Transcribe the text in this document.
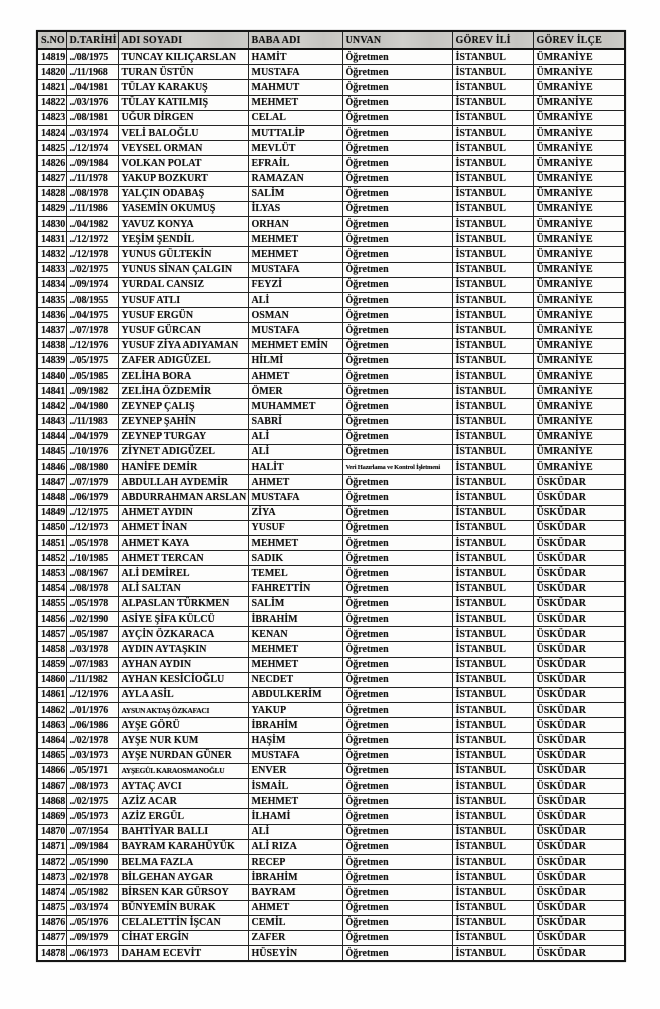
S.NO	D.TARİHİ	ADI SOYADI	BABA ADI	UNVAN	GÖREV İLİ	GÖREV İLÇE
14819	../08/1975	TUNCAY KILIÇARSLAN	HAMİT	Öğretmen	İSTANBUL	ÜMRANİYE
14820	../11/1968	TURAN ÜSTÜN	MUSTAFA	Öğretmen	İSTANBUL	ÜMRANİYE
14821	../04/1981	TÜLAY KARAKUŞ	MAHMUT	Öğretmen	İSTANBUL	ÜMRANİYE
14822	../03/1976	TÜLAY KATILMIŞ	MEHMET	Öğretmen	İSTANBUL	ÜMRANİYE
14823	../08/1981	UĞUR DİRGEN	CELAL	Öğretmen	İSTANBUL	ÜMRANİYE
14824	../03/1974	VELİ BALOĞLU	MUTTALİP	Öğretmen	İSTANBUL	ÜMRANİYE
14825	../12/1974	VEYSEL ORMAN	MEVLÜT	Öğretmen	İSTANBUL	ÜMRANİYE
14826	../09/1984	VOLKAN POLAT	EFRAİL	Öğretmen	İSTANBUL	ÜMRANİYE
14827	../11/1978	YAKUP BOZKURT	RAMAZAN	Öğretmen	İSTANBUL	ÜMRANİYE
14828	../08/1978	YALÇIN ODABAŞ	SALİM	Öğretmen	İSTANBUL	ÜMRANİYE
14829	../11/1986	YASEMİN OKUMUŞ	İLYAS	Öğretmen	İSTANBUL	ÜMRANİYE
14830	../04/1982	YAVUZ KONYA	ORHAN	Öğretmen	İSTANBUL	ÜMRANİYE
14831	../12/1972	YEŞİM ŞENDİL	MEHMET	Öğretmen	İSTANBUL	ÜMRANİYE
14832	../12/1978	YUNUS GÜLTEKİN	MEHMET	Öğretmen	İSTANBUL	ÜMRANİYE
14833	../02/1975	YUNUS SİNAN ÇALGIN	MUSTAFA	Öğretmen	İSTANBUL	ÜMRANİYE
14834	../09/1974	YURDAL CANSIZ	FEYZİ	Öğretmen	İSTANBUL	ÜMRANİYE
14835	../08/1955	YUSUF ATLI	ALİ	Öğretmen	İSTANBUL	ÜMRANİYE
14836	../04/1975	YUSUF ERGÜN	OSMAN	Öğretmen	İSTANBUL	ÜMRANİYE
14837	../07/1978	YUSUF GÜRCAN	MUSTAFA	Öğretmen	İSTANBUL	ÜMRANİYE
14838	../12/1976	YUSUF ZİYA ADIYAMAN	MEHMET EMİN	Öğretmen	İSTANBUL	ÜMRANİYE
14839	../05/1975	ZAFER ADIGÜZEL	HİLMİ	Öğretmen	İSTANBUL	ÜMRANİYE
14840	../05/1985	ZELİHA BORA	AHMET	Öğretmen	İSTANBUL	ÜMRANİYE
14841	../09/1982	ZELİHA ÖZDEMİR	ÖMER	Öğretmen	İSTANBUL	ÜMRANİYE
14842	../04/1980	ZEYNEP ÇALIŞ	MUHAMMET	Öğretmen	İSTANBUL	ÜMRANİYE
14843	../11/1983	ZEYNEP ŞAHİN	SABRİ	Öğretmen	İSTANBUL	ÜMRANİYE
14844	../04/1979	ZEYNEP TURGAY	ALİ	Öğretmen	İSTANBUL	ÜMRANİYE
14845	../10/1976	ZİYNET ADIGÜZEL	ALİ	Öğretmen	İSTANBUL	ÜMRANİYE
14846	../08/1980	HANİFE DEMİR	HALİT	Veri Hazırlama ve Kontrol İşletmeni	İSTANBUL	ÜMRANİYE
14847	../07/1979	ABDULLAH AYDEMİR	AHMET	Öğretmen	İSTANBUL	ÜSKÜDAR
14848	../06/1979	ABDURRAHMAN ARSLAN	MUSTAFA	Öğretmen	İSTANBUL	ÜSKÜDAR
14849	../12/1975	AHMET AYDIN	ZİYA	Öğretmen	İSTANBUL	ÜSKÜDAR
14850	../12/1973	AHMET İNAN	YUSUF	Öğretmen	İSTANBUL	ÜSKÜDAR
14851	../05/1978	AHMET KAYA	MEHMET	Öğretmen	İSTANBUL	ÜSKÜDAR
14852	../10/1985	AHMET TERCAN	SADIK	Öğretmen	İSTANBUL	ÜSKÜDAR
14853	../08/1967	ALİ DEMİREL	TEMEL	Öğretmen	İSTANBUL	ÜSKÜDAR
14854	../08/1978	ALİ SALTAN	FAHRETTİN	Öğretmen	İSTANBUL	ÜSKÜDAR
14855	../05/1978	ALPASLAN TÜRKMEN	SALİM	Öğretmen	İSTANBUL	ÜSKÜDAR
14856	../02/1990	ASİYE ŞİFA KÜLCÜ	İBRAHİM	Öğretmen	İSTANBUL	ÜSKÜDAR
14857	../05/1987	AYÇİN ÖZKARACA	KENAN	Öğretmen	İSTANBUL	ÜSKÜDAR
14858	../03/1978	AYDIN AYTAŞKIN	MEHMET	Öğretmen	İSTANBUL	ÜSKÜDAR
14859	../07/1983	AYHAN AYDIN	MEHMET	Öğretmen	İSTANBUL	ÜSKÜDAR
14860	../11/1982	AYHAN KESİCİOĞLU	NECDET	Öğretmen	İSTANBUL	ÜSKÜDAR
14861	../12/1976	AYLA ASİL	ABDULKERİM	Öğretmen	İSTANBUL	ÜSKÜDAR
14862	../01/1976	AYSUN AKTAŞ ÖZKAFACI	YAKUP	Öğretmen	İSTANBUL	ÜSKÜDAR
14863	../06/1986	AYŞE GÖRÜ	İBRAHİM	Öğretmen	İSTANBUL	ÜSKÜDAR
14864	../02/1978	AYŞE NUR KUM	HAŞİM	Öğretmen	İSTANBUL	ÜSKÜDAR
14865	../03/1973	AYŞE NURDAN GÜNER	MUSTAFA	Öğretmen	İSTANBUL	ÜSKÜDAR
14866	../05/1971	AYŞEGÜL KARAOSMANOĞLU	ENVER	Öğretmen	İSTANBUL	ÜSKÜDAR
14867	../08/1973	AYTAÇ AVCI	İSMAİL	Öğretmen	İSTANBUL	ÜSKÜDAR
14868	../02/1975	AZİZ ACAR	MEHMET	Öğretmen	İSTANBUL	ÜSKÜDAR
14869	../05/1973	AZİZ ERGÜL	İLHAMİ	Öğretmen	İSTANBUL	ÜSKÜDAR
14870	../07/1954	BAHTİYAR BALLI	ALİ	Öğretmen	İSTANBUL	ÜSKÜDAR
14871	../09/1984	BAYRAM KARAHÜYÜK	ALİ RIZA	Öğretmen	İSTANBUL	ÜSKÜDAR
14872	../05/1990	BELMA FAZLA	RECEP	Öğretmen	İSTANBUL	ÜSKÜDAR
14873	../02/1978	BİLGEHAN AYGAR	İBRAHİM	Öğretmen	İSTANBUL	ÜSKÜDAR
14874	../05/1982	BİRSEN KAR GÜRSOY	BAYRAM	Öğretmen	İSTANBUL	ÜSKÜDAR
14875	../03/1974	BÜNYEMİN BURAK	AHMET	Öğretmen	İSTANBUL	ÜSKÜDAR
14876	../05/1976	CELALETTİN İŞCAN	CEMİL	Öğretmen	İSTANBUL	ÜSKÜDAR
14877	../09/1979	CİHAT ERGİN	ZAFER	Öğretmen	İSTANBUL	ÜSKÜDAR
14878	../06/1973	DAHAM ECEVİT	HÜSEYİN	Öğretmen	İSTANBUL	ÜSKÜDAR
